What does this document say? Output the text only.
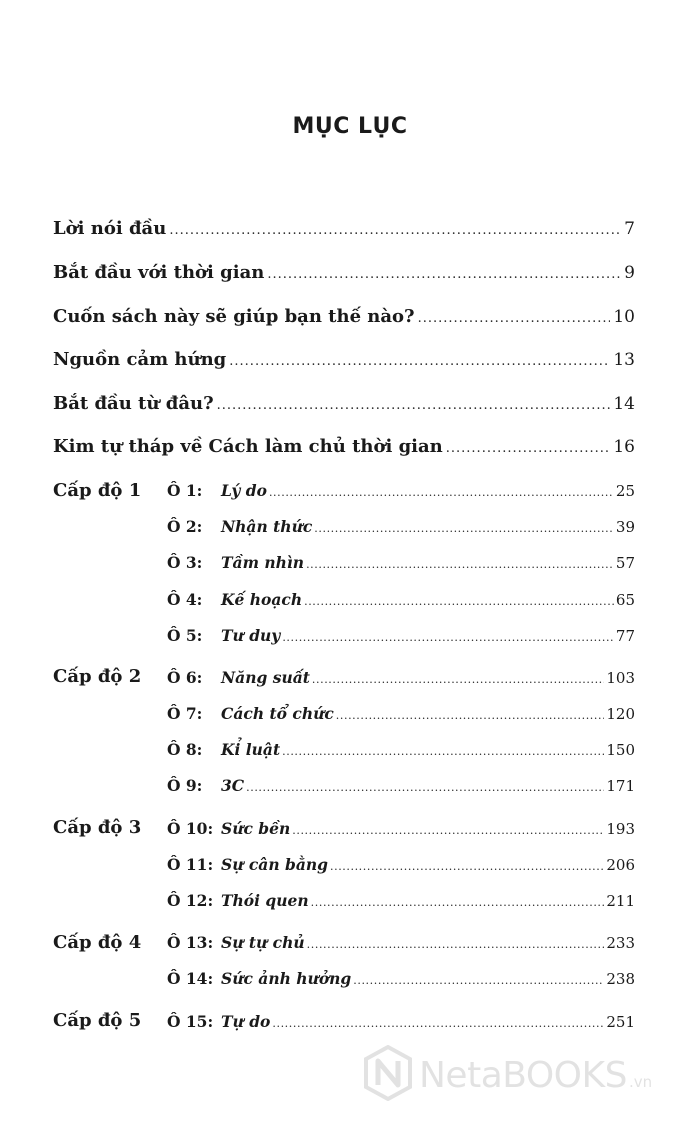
MỤC LỤC
Lời nói đầu .....	7
Bắt đầu với thời gian .....	9
Cuốn sách này sẽ giúp bạn thế nào? .....	10
Nguồn cảm hứng .....	13
Bắt đầu từ đâu? .....	14
Kim tự tháp về Cách làm chủ thời gian .....	16
Cấp độ 1 Ô 1:	Lý do .....	25
Ô 2:	Nhận thức .....	39
Ô 3:	Tầm nhìn .....	57
Ô 4:	Kế hoạch .....	65
Ô 5:	Tư duy .....	77
Cấp độ 2 Ô 6:	Năng suất .....	103
Ô 7:	Cách tổ chức .....	120
Ô 8:	Kỉ luật .....	150
Ô 9:	3C .....	171
Cấp độ 3 Ô 10: Sức bền .....	193
Ô 11: Sự cân bằng .....	206
Ô 12: Thói quen .....	211
Cấp độ 4 Ô 13: Sự tự chủ .....	233
Ô 14: Sức ảnh hưởng .....	238
Cấp độ 5 Ô 15: Tự do .....	251
NetaBOOKS .vn
